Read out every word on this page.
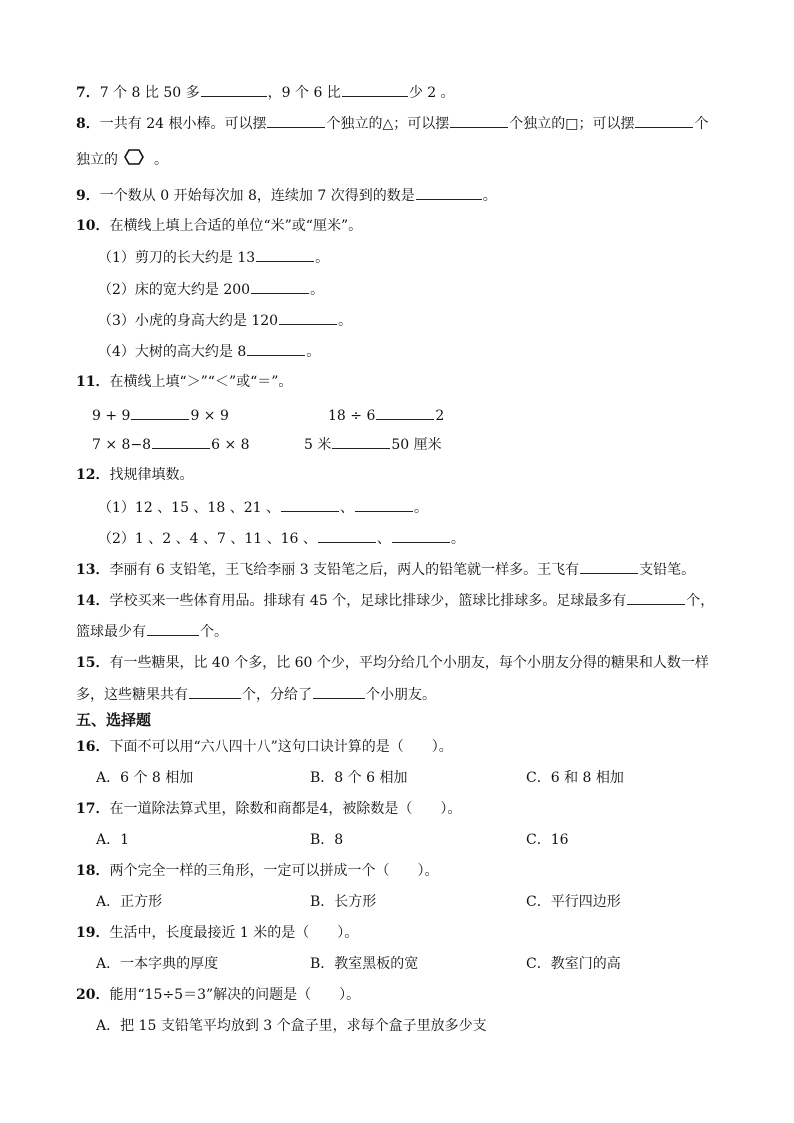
7．7 个 8 比 50 多	，9 个 6 比	少 2 。
8．一共有 24 根小棒。可以摆	个独立的△；可以摆	个独立的□；可以摆	个
独立的	。
9．一个数从 0 开始每次加 8，连续加 7 次得到的数是	。
10．在横线上填上合适的单位“米”或“厘米”。
（1）剪刀的长大约是 13	。
（2）床的宽大约是 200	。
（3）小虎的身高大约是 120	。
（4）大树的高大约是 8	。
11．在横线上填“＞”“＜”或“＝”。
9 + 9	9 × 9	18 ÷ 6	2
7 × 8−8	6 × 8	5 米	50 厘米
12．找规律填数。
（1）12 、15 、18 、21 、	、	。
（2）1 、2 、4 、7 、11 、16 、	、	。
13．李丽有 6 支铅笔，王飞给李丽 3 支铅笔之后，两人的铅笔就一样多。王飞有	支铅笔。
14．学校买来一些体育用品。排球有 45 个，足球比排球少，篮球比排球多。足球最多有	个，
篮球最少有	个。
15．有一些糖果，比 40 个多，比 60 个少，平均分给几个小朋友，每个小朋友分得的糖果和人数一样
多，这些糖果共有	个，分给了	个小朋友。
五、选择题
16．下面不可以用“六八四十八”这句口诀计算的是（　　）。
A．6 个 8 相加	B．8 个 6 相加	C．6 和 8 相加
17．在一道除法算式里，除数和商都是4，被除数是（　　）。
A．1	B．8	C．16
18．两个完全一样的三角形，一定可以拼成一个（　　）。
A．正方形	B．长方形	C．平行四边形
19．生活中，长度最接近 1 米的是（　　）。
A．一本字典的厚度	B．教室黑板的宽	C．教室门的高
20．能用“15÷5＝3”解决的问题是（　　）。
A．把 15 支铅笔平均放到 3 个盒子里，求每个盒子里放多少支
